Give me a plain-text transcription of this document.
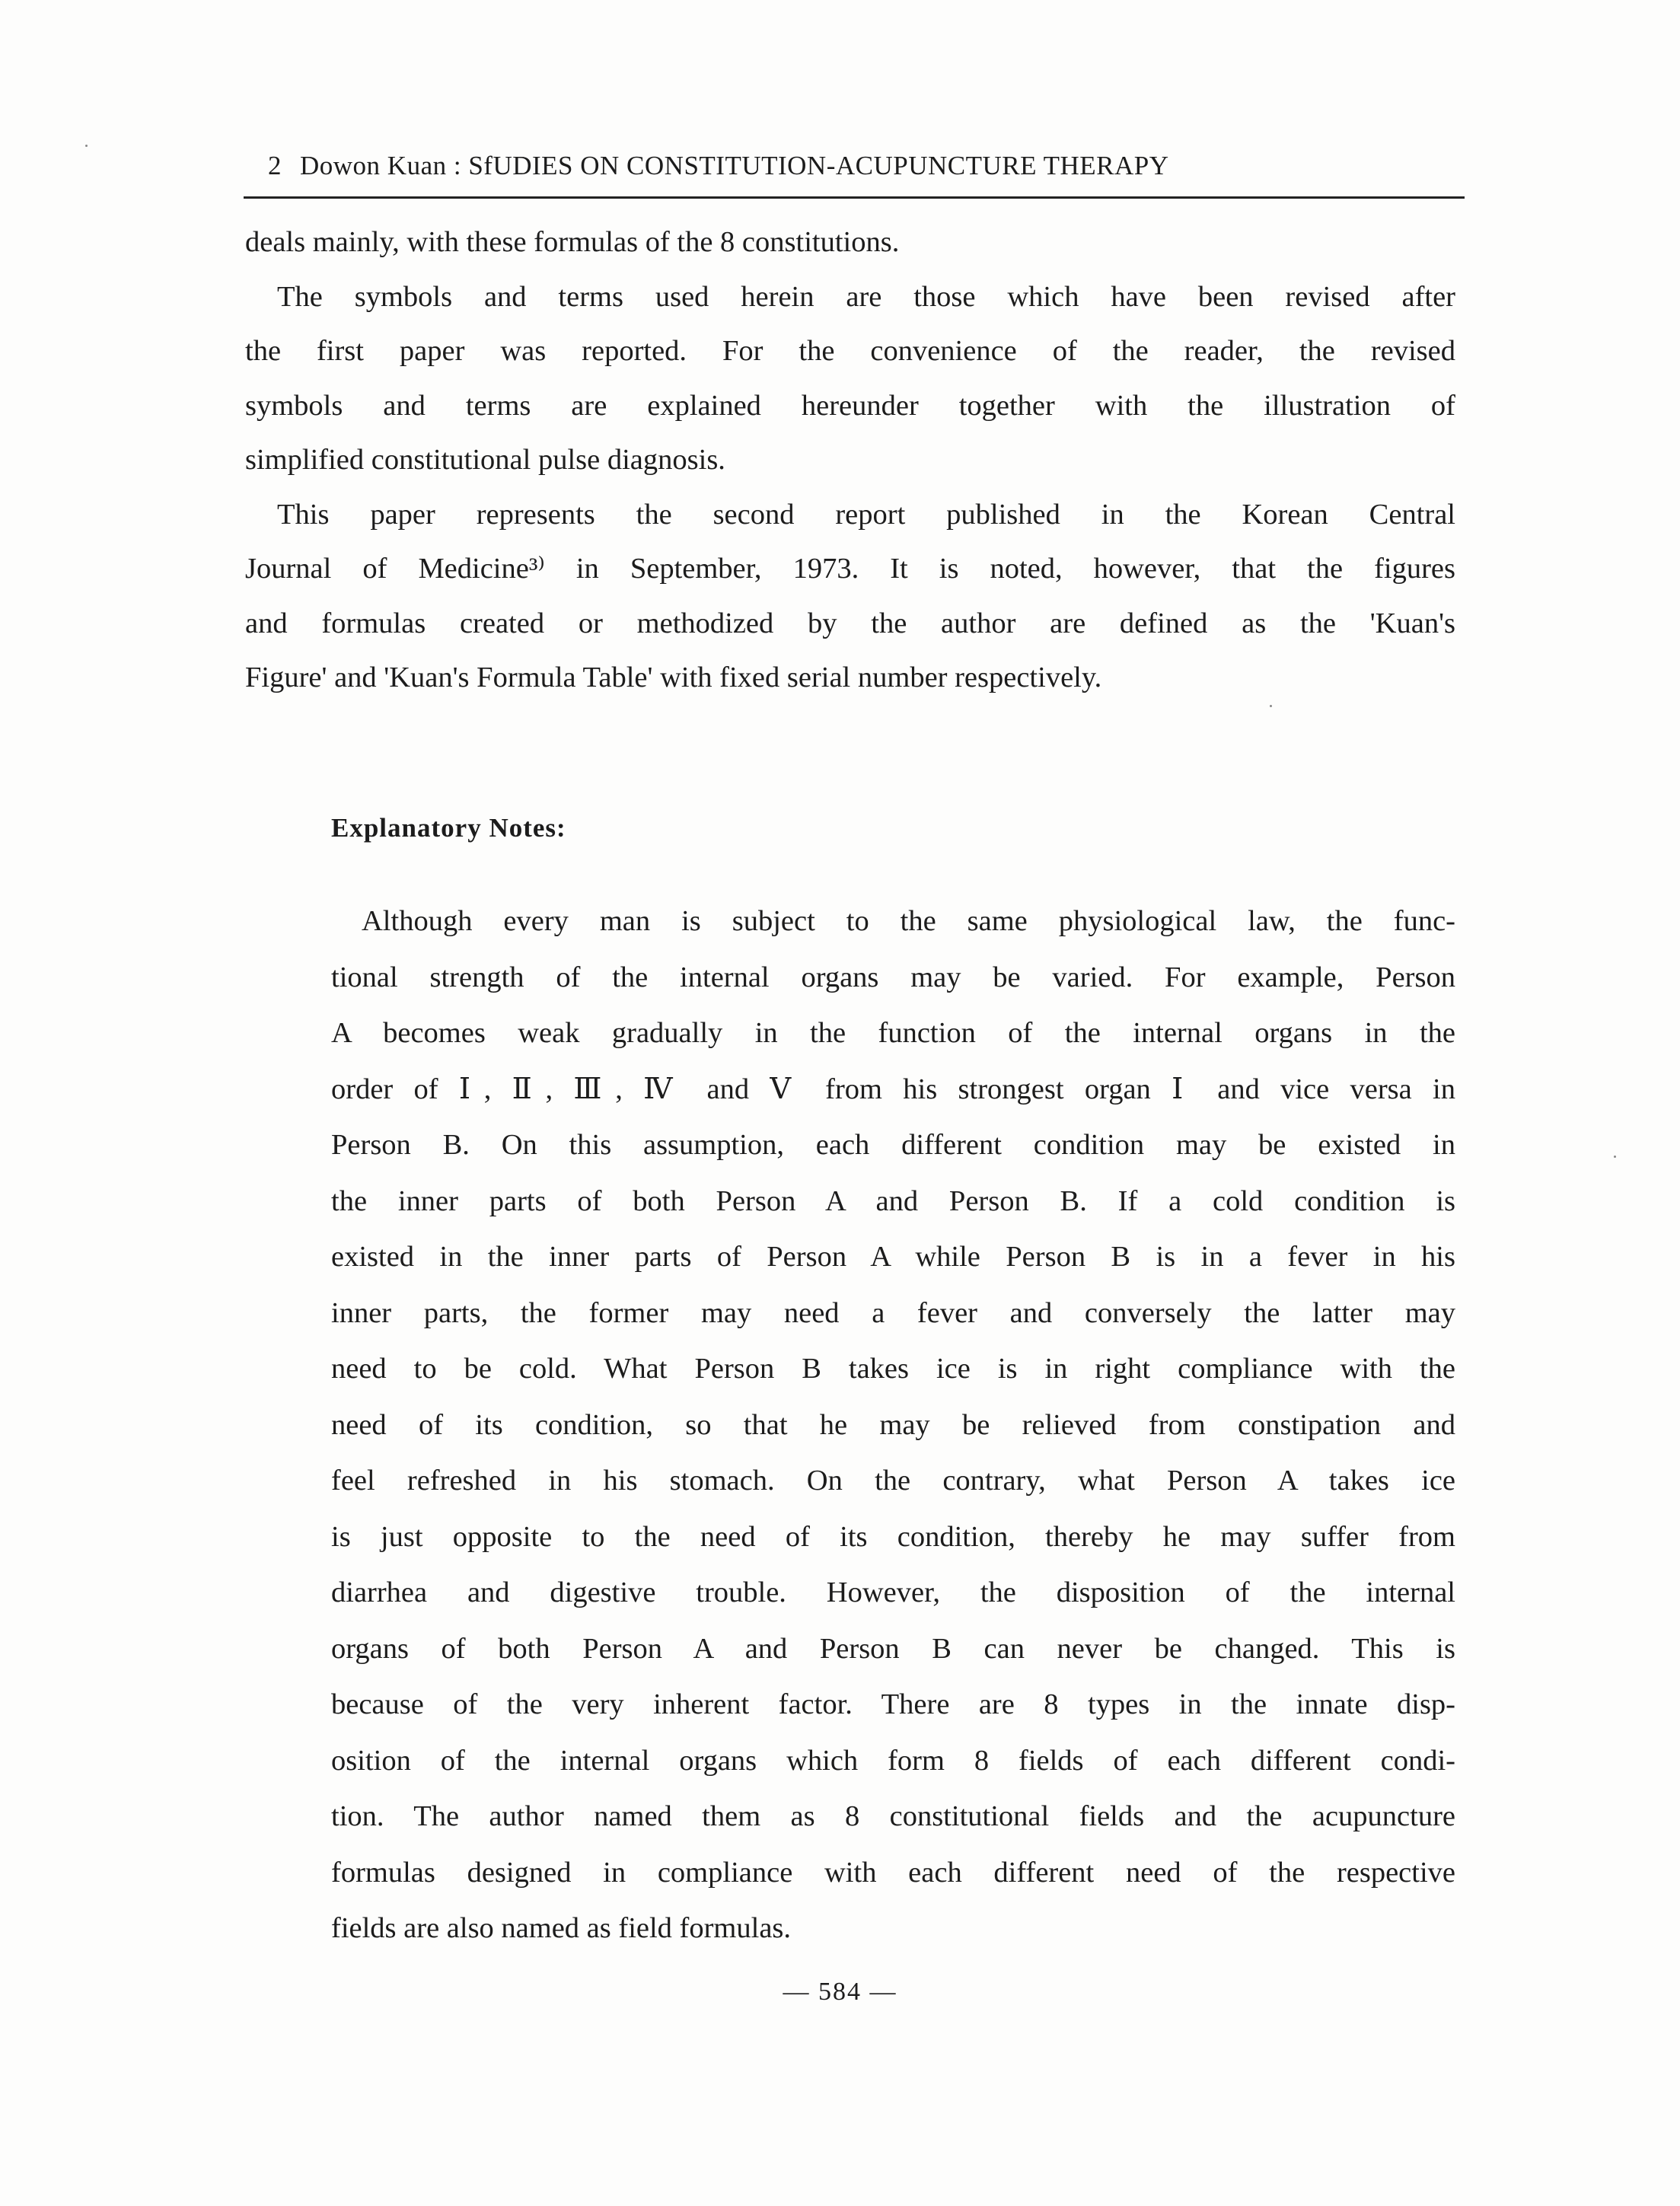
2 Dowon Kuan : SfUDIES ON CONSTITUTION-ACUPUNCTURE THERAPY
deals mainly, with these formulas of the 8 constitutions.
The symbols and terms used herein are those which have been revised after
the first paper was reported. For the convenience of the reader, the revised
symbols and terms are explained hereunder together with the illustration of
simplified constitutional pulse diagnosis.
This paper represents the second report published in the Korean Central
Journal of Medicine³⁾ in September, 1973. It is noted, however, that the figures
and formulas created or methodized by the author are defined as the 'Kuan's
Figure' and 'Kuan's Formula Table' with fixed serial number respectively.
Explanatory Notes:
Although every man is subject to the same physiological law, the func-
tional strength of the internal organs may be varied. For example, Person
A becomes weak gradually in the function of the internal organs in the
order of Ⅰ, Ⅱ, Ⅲ, Ⅳ and Ⅴ from his strongest organ Ⅰ and vice versa in
Person B. On this assumption, each different condition may be existed in
the inner parts of both Person A and Person B. If a cold condition is
existed in the inner parts of Person A while Person B is in a fever in his
inner parts, the former may need a fever and conversely the latter may
need to be cold. What Person B takes ice is in right compliance with the
need of its condition, so that he may be relieved from constipation and
feel refreshed in his stomach. On the contrary, what Person A takes ice
is just opposite to the need of its condition, thereby he may suffer from
diarrhea and digestive trouble. However, the disposition of the internal
organs of both Person A and Person B can never be changed. This is
because of the very inherent factor. There are 8 types in the innate disp-
osition of the internal organs which form 8 fields of each different condi-
tion. The author named them as 8 constitutional fields and the acupuncture
formulas designed in compliance with each different need of the respective
fields are also named as field formulas.
— 584 —
